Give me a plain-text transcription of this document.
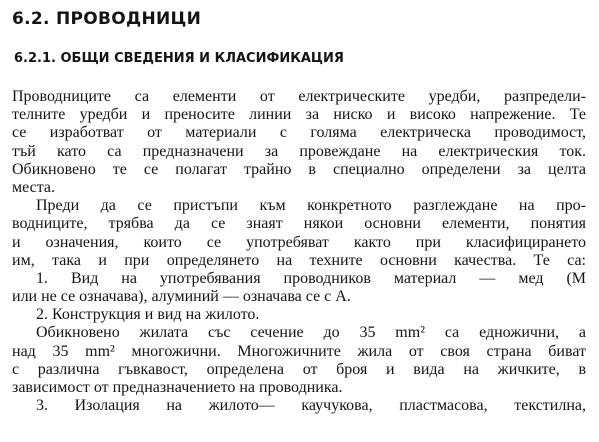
6.2. ПРОВОДНИЦИ
6.2.1. ОБЩИ СВЕДЕНИЯ И КЛАСИФИКАЦИЯ
Проводниците са елементи от електрическите уредби, разпредели-
телните уредби и преносите линии за ниско и високо напрежение. Те
се изработват от материали с голяма електрическа проводимост,
тъй като са предназначени за провеждане на електрическия ток.
Обикновено те се полагат трайно в специално определени за целта
места.
Преди да се пристъпи към конкретното разглеждане на про-
водниците, трябва да се знаят някои основни елементи, понятия
и означения, които се употребяват както при класифицирането
им, така и при определянето на техните основни качества. Те са:
1. Вид на употребявания проводников материал — мед (М
или не се означава), алуминий — означава се с А.
2. Конструкция и вид на жилото.
Обикновено жилата със сечение до 35 mm² са едножични, а
над 35 mm² многожични. Многожичните жила от своя страна биват
с различна гъвкавост, определена от броя и вида на жичките, в
зависимост от предназначението на проводника.
3. Изолация на жилото— каучукова, пластмасова, текстилна,
